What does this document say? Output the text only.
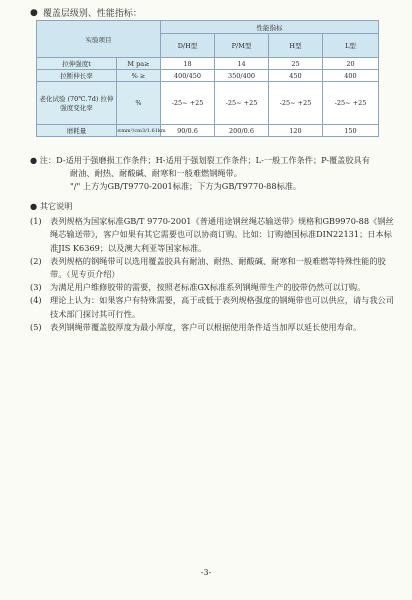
● 覆盖层级别、性能指标：
实验项目		性能指标			
		D/H型	P/M型	H型	L型
拉伸强度t	M pa≥	18	14	25	20
拉断伸长率	% ≥	400/450	350/400	450	400
老化试验 (70℃.7d) 拉伸强度变化率	%	-25~ +25	-25~ +25	-25~ +25	-25~ +25
磨耗量	≤mm³/cm3/1.61km	90/0.6	200/0.6	120	150
● 注：D-适用于强磨损工作条件；H-适用于强划裂工作条件；L-一般工作条件；P-覆盖胶具有
耐油、耐热、耐酸碱、耐寒和一般难燃钢绳带。
"/" 上方为GB/T9770-2001标准；下方为GB/T9770-88标准。
● 其它说明
(1)	表列规格为国家标准GB/T 9770-2001《普通用途钢丝绳芯输送带》规格和GB9970-88《钢丝绳芯输送带》，客户如果有其它需要也可以协商订购。比如：订购德国标准DIN22131；日本标准JIS K6369；以及澳大利亚等国家标准。
(2)	表列规格的钢绳带可以选用覆盖胶具有耐油、耐热、耐酸碱、耐寒和一般难燃等特殊性能的胶带。（见专页介绍）
(3)	为满足用户维修胶带的需要，按照老标准GX标准系列钢绳带生产的胶带仍然可以订购。
(4)	理论上认为：如果客户有特殊需要，高于或低于表列规格强度的钢绳带也可以供应，请与我公司技术部门探讨其可行性。
(5)	表列钢绳带覆盖胶厚度为最小厚度，客户可以根据使用条件适当加厚以延长使用寿命。
-3-
